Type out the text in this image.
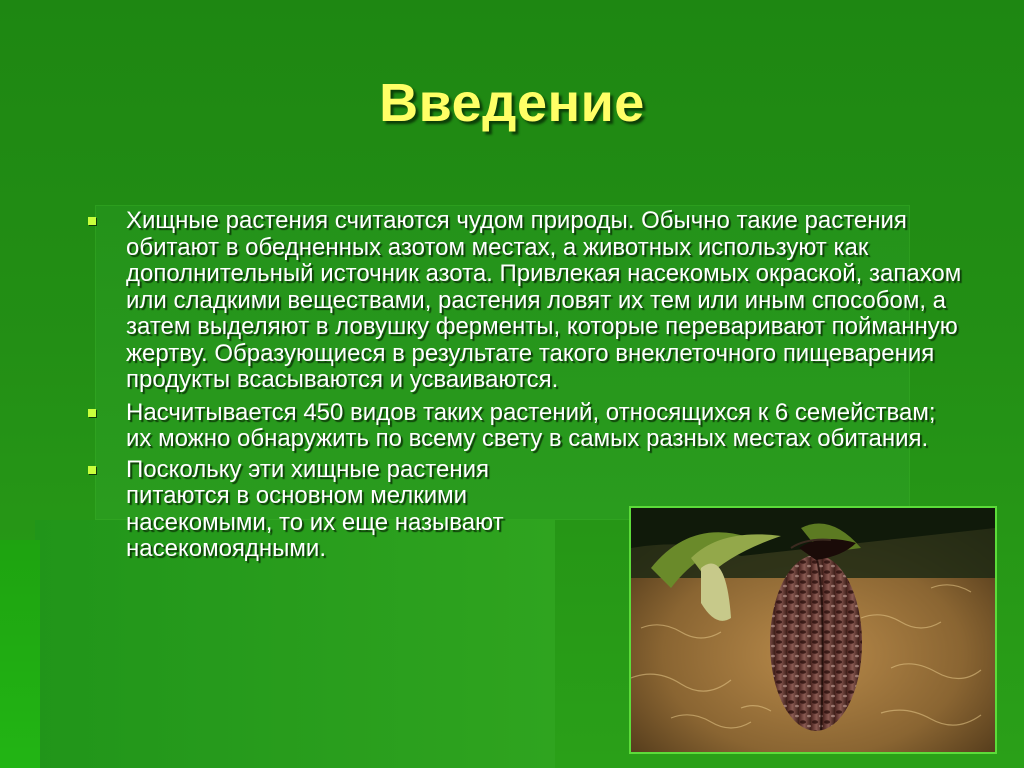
Введение
Хищные растения считаются чудом природы. Обычно такие растения обитают в обедненных азотом местах, а животных используют как дополнительный источник азота. Привлекая насекомых окраской, запахом или сладкими веществами, растения ловят их тем или иным способом, а затем выделяют в ловушку ферменты, которые переваривают пойманную жертву. Образующиеся в результате такого внеклеточного пищеварения продукты всасываются и усваиваются.
Насчитывается 450 видов таких растений, относящихся к 6 семействам; их можно обнаружить по всему свету в самых разных местах обитания.
Поскольку эти хищные растения питаются в основном мелкими насекомыми, то их еще называют насекомоядными.
